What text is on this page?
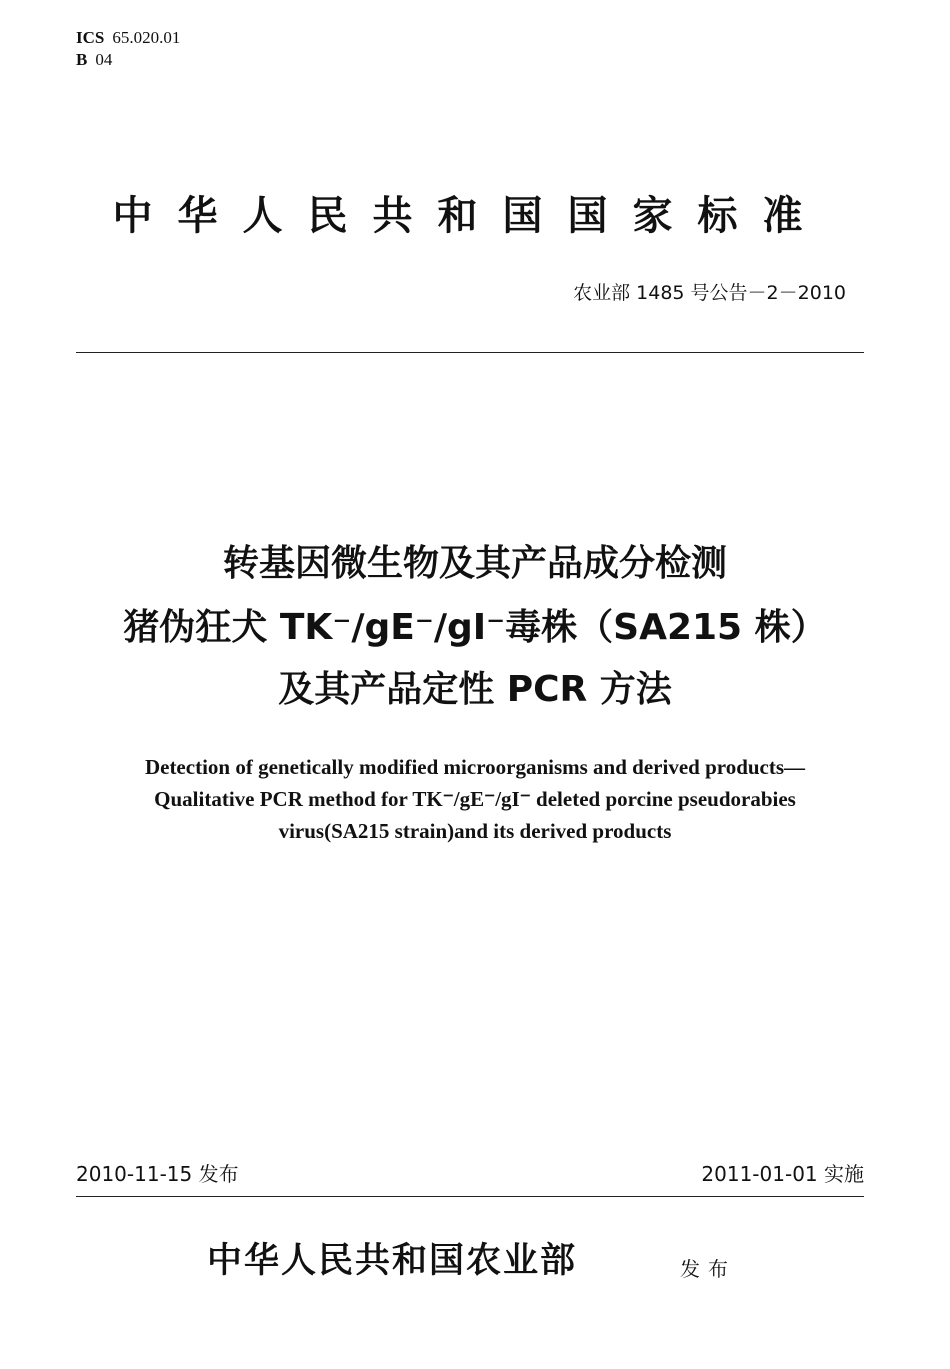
ICS 65.020.01
B 04
中华人民共和国国家标准
农业部 1485 号公告－2－2010
转基因微生物及其产品成分检测
猪伪狂犬 TK⁻/gE⁻/gI⁻毒株（SA215 株）
及其产品定性 PCR 方法
Detection of genetically modified microorganisms and derived products—
Qualitative PCR method for TK⁻/gE⁻/gI⁻ deleted porcine pseudorabies
virus(SA215 strain)and its derived products
2010-11-15 发布	2011-01-01 实施
中华人民共和国农业部	发布
